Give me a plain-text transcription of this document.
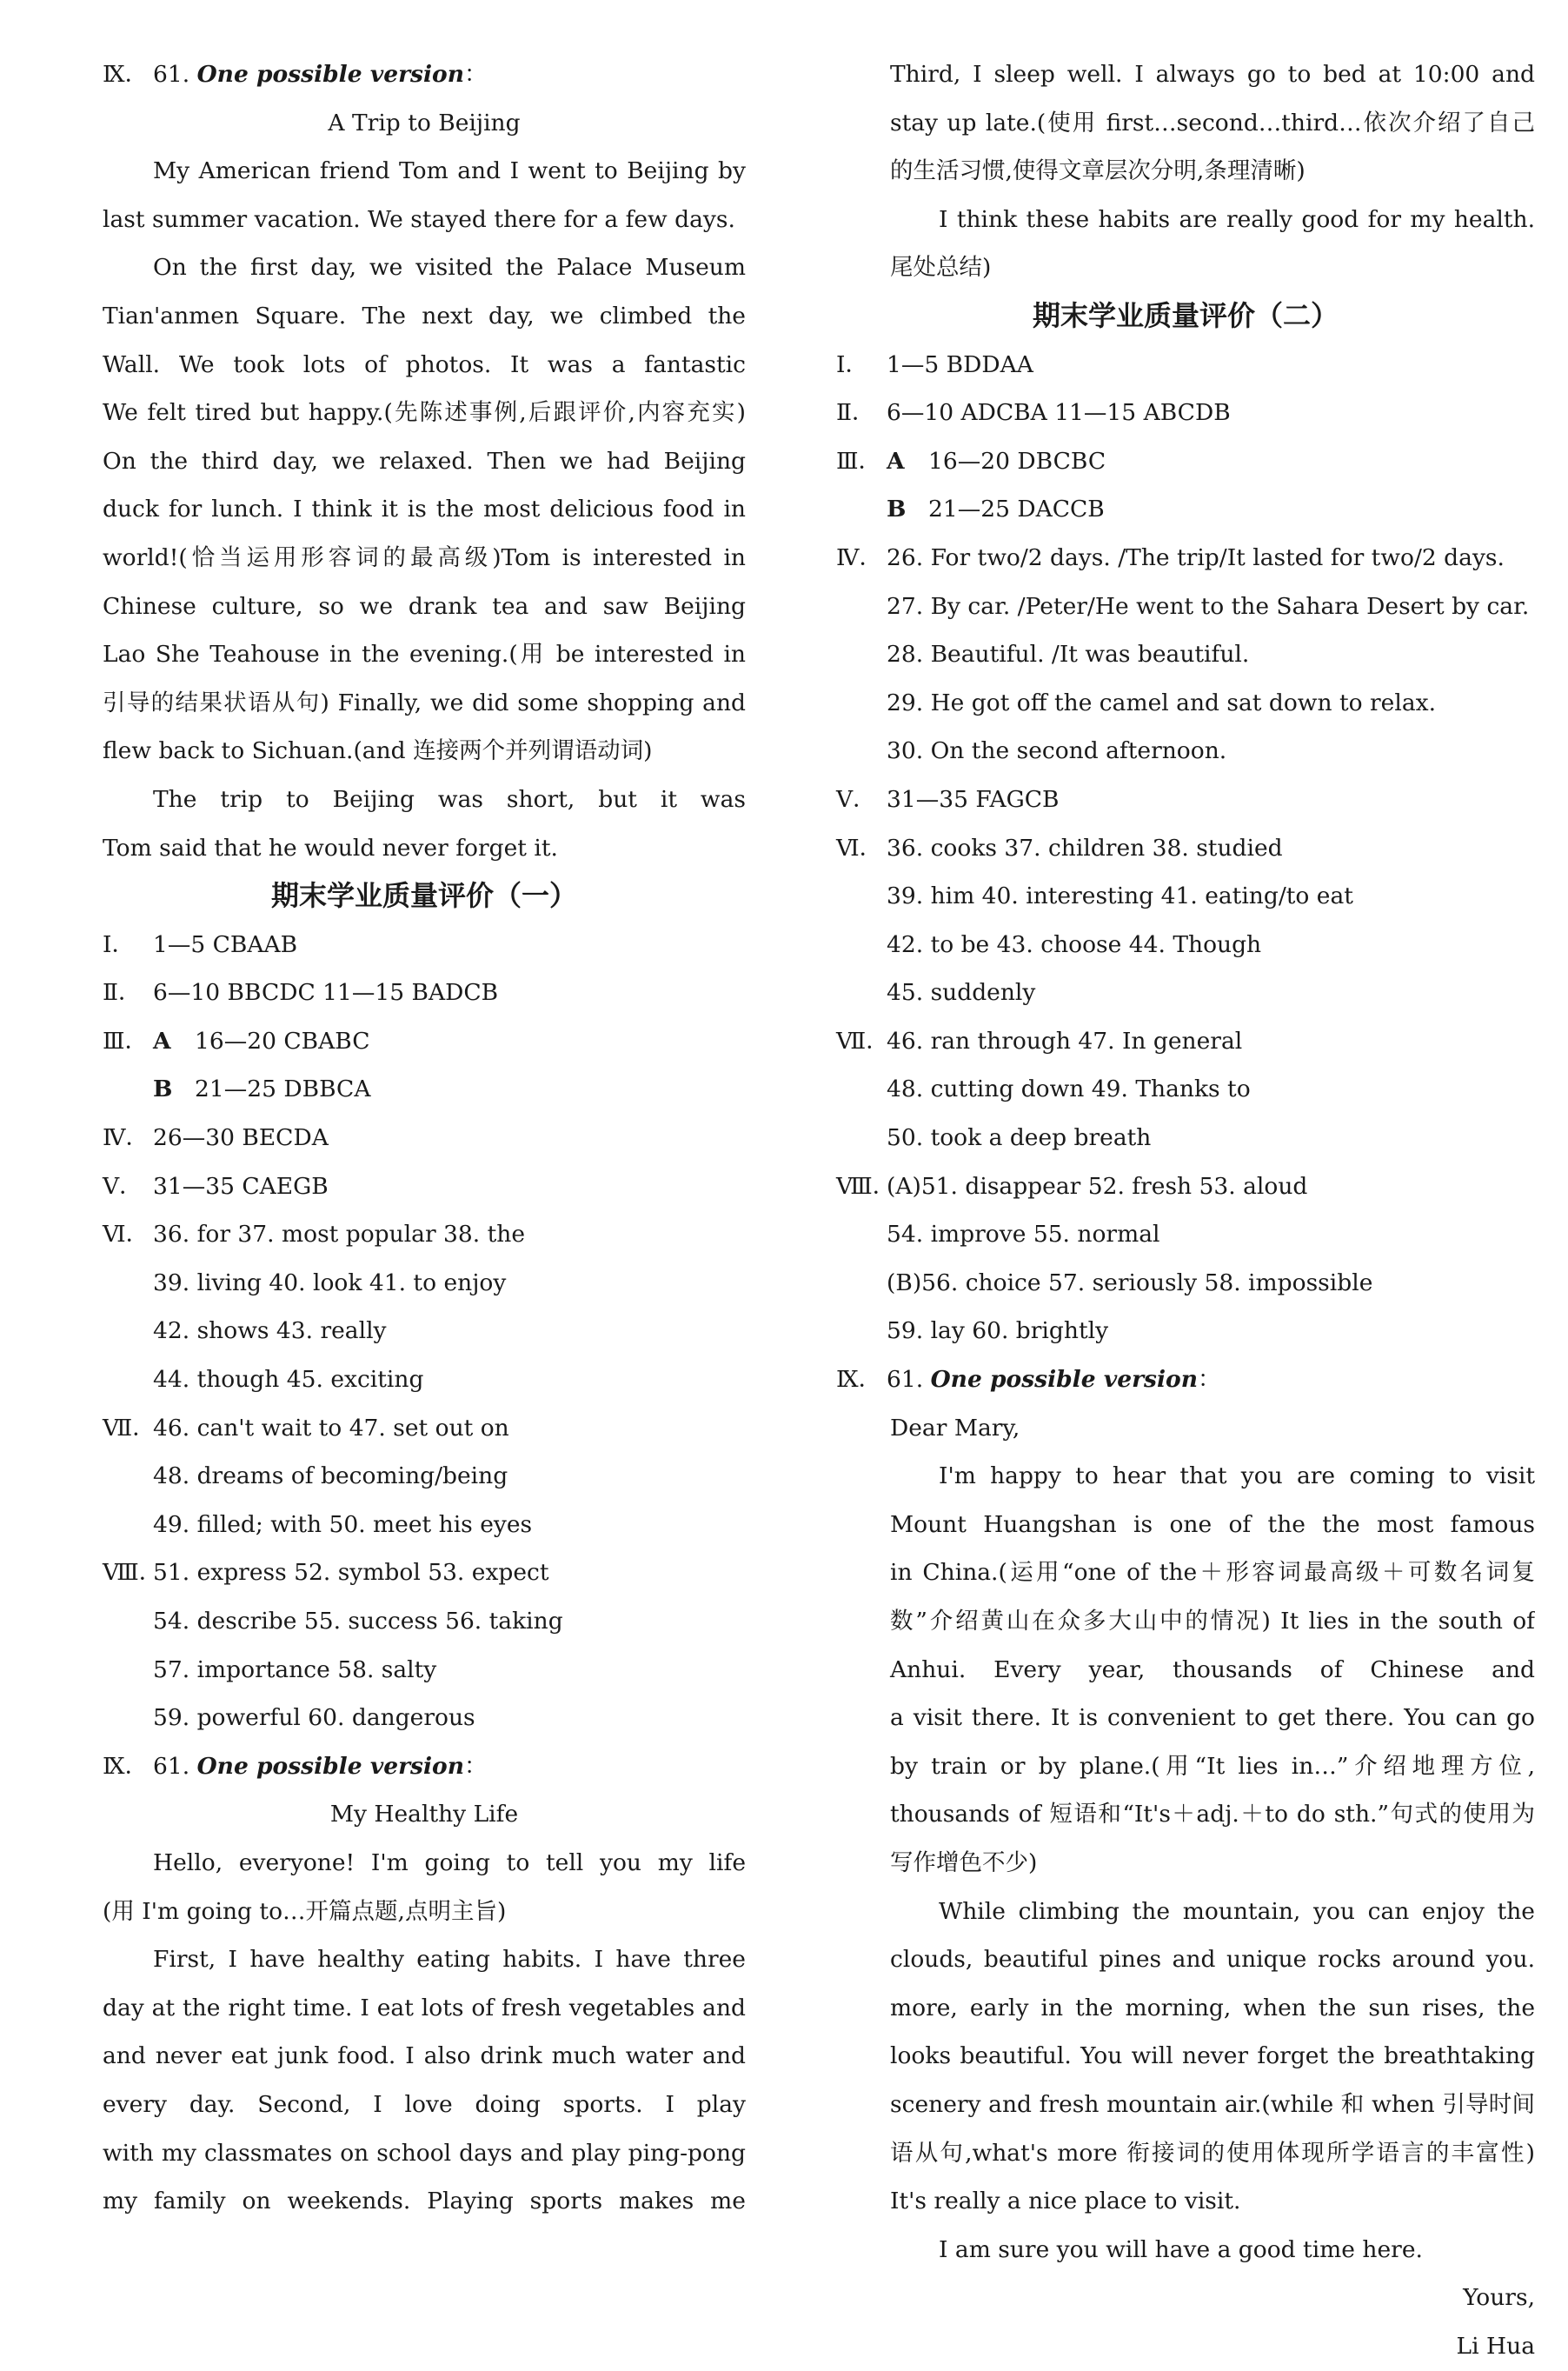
Ⅸ． 61. One possible version：
A Trip to Beijing
My American friend Tom and I went to Beijing by
last summer vacation. We stayed there for a few days.
On the first day, we visited the Palace Museum
Tian'anmen Square. The next day, we climbed the
Wall. We took lots of photos. It was a fantastic
We felt tired but happy.(先陈述事例,后跟评价,内容充实)
On the third day, we relaxed. Then we had Beijing
duck for lunch. I think it is the most delicious food in
world!(恰当运用形容词的最高级)Tom is interested in
Chinese culture, so we drank tea and saw Beijing
Lao She Teahouse in the evening.(用 be interested in
引导的结果状语从句) Finally, we did some shopping and
flew back to Sichuan.(and 连接两个并列谓语动词)
The trip to Beijing was short, but it was
Tom said that he would never forget it.
期末学业质量评价（一）
Ⅰ． 1—5 CBAAB
Ⅱ． 6—10 BBCDC 11—15 BADCB
Ⅲ． A 16—20 CBABC
B 21—25 DBBCA
Ⅳ． 26—30 BECDA
Ⅴ． 31—35 CAEGB
Ⅵ． 36. for 37. most popular 38. the
39. living 40. look 41. to enjoy
42. shows 43. really
44. though 45. exciting
Ⅶ．46. can't wait to 47. set out on
48. dreams of becoming/being
49. filled; with 50. meet his eyes
Ⅷ．51. express 52. symbol 53. expect
54. describe 55. success 56. taking
57. importance 58. salty
59. powerful 60. dangerous
Ⅸ． 61. One possible version：
My Healthy Life
Hello, everyone! I'm going to tell you my life
(用 I'm going to…开篇点题,点明主旨)
First, I have healthy eating habits. I have three
day at the right time. I eat lots of fresh vegetables and
and never eat junk food. I also drink much water and
every day. Second, I love doing sports. I play
with my classmates on school days and play ping-pong
my family on weekends. Playing sports makes me
Third, I sleep well. I always go to bed at 10:00 and
stay up late.(使用 first…second…third…依次介绍了自己
的生活习惯,使得文章层次分明,条理清晰)
I think these habits are really good for my health.
尾处总结)
期末学业质量评价（二）
Ⅰ． 1—5 BDDAA
Ⅱ． 6—10 ADCBA 11—15 ABCDB
Ⅲ． A 16—20 DBCBC
B 21—25 DACCB
Ⅳ． 26. For two/2 days. /The trip/It lasted for two/2 days.
27. By car. /Peter/He went to the Sahara Desert by car.
28. Beautiful. /It was beautiful.
29. He got off the camel and sat down to relax.
30. On the second afternoon.
Ⅴ． 31—35 FAGCB
Ⅵ． 36. cooks 37. children 38. studied
39. him 40. interesting 41. eating/to eat
42. to be 43. choose 44. Though
45. suddenly
Ⅶ．46. ran through 47. In general
48. cutting down 49. Thanks to
50. took a deep breath
Ⅷ．(A)51. disappear 52. fresh 53. aloud
54. improve 55. normal
(B)56. choice 57. seriously 58. impossible
59. lay 60. brightly
Ⅸ． 61. One possible version：
Dear Mary,
I'm happy to hear that you are coming to visit
Mount Huangshan is one of the the most famous
in China.(运用“one of the＋形容词最高级＋可数名词复
数”介绍黄山在众多大山中的情况) It lies in the south of
Anhui. Every year, thousands of Chinese and
a visit there. It is convenient to get there. You can go
by train or by plane.(用“It lies in…”介绍地理方位,
thousands of 短语和“It's＋adj.＋to do sth.”句式的使用为
写作增色不少)
While climbing the mountain, you can enjoy the
clouds, beautiful pines and unique rocks around you.
more, early in the morning, when the sun rises, the
looks beautiful. You will never forget the breathtaking
scenery and fresh mountain air.(while 和 when 引导时间
语从句,what's more 衔接词的使用体现所学语言的丰富性)
It's really a nice place to visit.
I am sure you will have a good time here.
Yours,
Li Hua
